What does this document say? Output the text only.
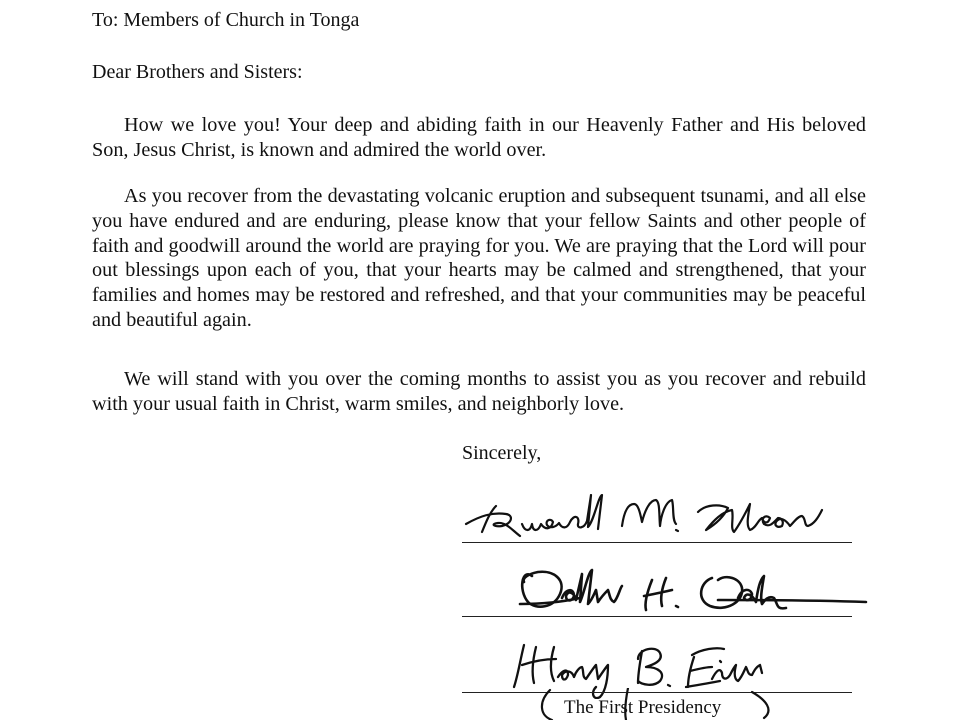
To: Members of Church in Tonga
Dear Brothers and Sisters:

How we love you! Your deep and abiding faith in our Heavenly Father and His beloved Son, Jesus Christ, is known and admired the world over.

As you recover from the devastating volcanic eruption and subsequent tsunami, and all else you have endured and are enduring, please know that your fellow Saints and other people of faith and goodwill around the world are praying for you. We are praying that the Lord will pour out blessings upon each of you, that your hearts may be calmed and strengthened, that your families and homes may be restored and refreshed, and that your communities may be peaceful and beautiful again.

We will stand with you over the coming months to assist you as you recover and rebuild with your usual faith in Christ, warm smiles, and neighborly love.

Sincerely,
The First Presidency
